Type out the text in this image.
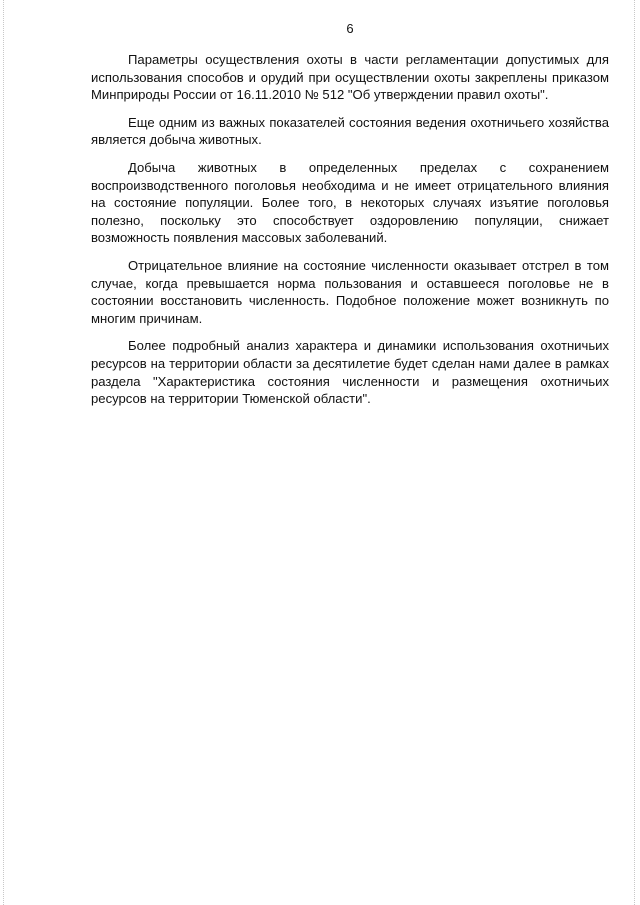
6

Параметры осуществления охоты в части регламентации допустимых для использования способов и орудий при осуществлении охоты закреплены приказом Минприроды России от 16.11.2010 № 512 "Об утверждении правил охоты".

Еще одним из важных показателей состояния ведения охотничьего хозяйства является добыча животных.

Добыча животных в определенных пределах с сохранением воспроизводственного поголовья необходима и не имеет отрицательного влияния на состояние популяции. Более того, в некоторых случаях изъятие поголовья полезно, поскольку это способствует оздоровлению популяции, снижает возможность появления массовых заболеваний.

Отрицательное влияние на состояние численности оказывает отстрел в том случае, когда превышается норма пользования и оставшееся поголовье не в состоянии восстановить численность. Подобное положение может возникнуть по многим причинам.

Более подробный анализ характера и динамики использования охотничьих ресурсов на территории области за десятилетие будет сделан нами далее в рамках раздела "Характеристика состояния численности и размещения охотничьих ресурсов на территории Тюменской области".
